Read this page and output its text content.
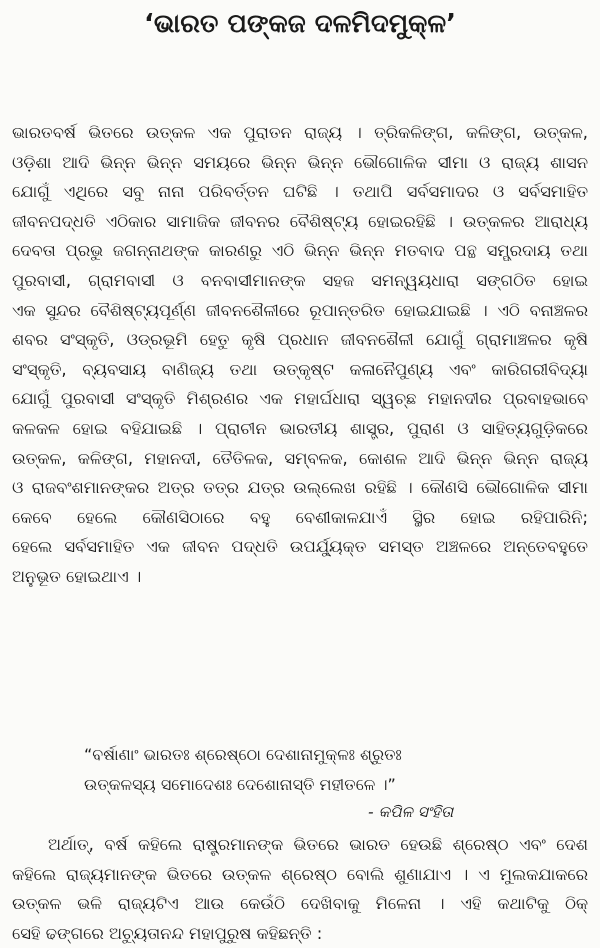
‘ଭାରତ ପଙ୍କଜ ଦଳମିଦମୁକ୍ଳ’
ଭାରତବର୍ଷ ଭିତରେ ଉତ୍କଳ ଏକ ପୁରାତନ ରାଜ୍ୟ । ତ୍ରିକଳିଙ୍ଗ, କଳିଙ୍ଗ, ଉତ୍କଳ,
ଓଡ଼ିଶା ଆଦି ଭିନ୍ନ ଭିନ୍ନ ସମୟରେ ଭିନ୍ନ ଭିନ୍ନ ଭୌଗୋଳିକ ସୀମା ଓ ରାଜ୍ୟ ଶାସନ
ଯୋଗୁଁ ଏଥିରେ ସବୁ ନାନା ପରିବର୍ତ୍ତନ ଘଟିଛି । ତଥାପି ସର୍ବସମାଦର ଓ ସର୍ବସମାହିତ
ଜୀବନପଦ୍ଧତି ଏଠିକାର ସାମାଜିକ ଜୀବନର ବୈଶିଷ୍ଟ୍ୟ ହୋଇରହିଛି । ଉତ୍କଳର ଆରାଧ୍ୟ
ଦେବତା ପ୍ରଭୁ ଜଗନ୍ନାଥଙ୍କ କାରଣରୁ ଏଠି ଭିନ୍ନ ଭିନ୍ନ ମତବାଦ ପନ୍ଥ ସମ୍ପ୍ରଦାୟ ତଥା
ପୁରବାସୀ, ଗ୍ରାମବାସୀ ଓ ବନବାସୀମାନଙ୍କ ସହଜ ସମନ୍ୱୟଧାରା ସଙ୍ଗଠିତ ହୋଇ
ଏକ ସୁନ୍ଦର ବୈଶିଷ୍ଟ୍ୟପୂର୍ଣ୍ଣ ଜୀବନଶୈଳୀରେ ରୂପାନ୍ତରିତ ହୋଇଯାଇଛି । ଏଠି ବନାଞ୍ଚଳର
ଶବର ସଂସ୍କୃତି, ଓଡ୍ରଭୂମି ହେତୁ କୃଷି ପ୍ରଧାନ ଜୀବନଶୈଳୀ ଯୋଗୁଁ ଗ୍ରାମାଞ୍ଚଳର କୃଷି
ସଂସ୍କୃତି, ବ୍ୟବସାୟ ବାଣିଜ୍ୟ ତଥା ଉତ୍କୃଷ୍ଟ କଳାନୈପୁଣ୍ୟ ଏବଂ କାରିଗରୀବିଦ୍ୟା
ଯୋଗୁଁ ପୁରବାସୀ ସଂସ୍କୃତି ମିଶ୍ରଣର ଏକ ମହାର୍ଘଧାରା ସ୍ୱଚ୍ଛ ମହାନଦୀର ପ୍ରବାହଭାବେ
କଳକଳ ହୋଇ ବହିଯାଇଛି । ପ୍ରାଚୀନ ଭାରତୀୟ ଶାସ୍ତ୍ର, ପୁରାଣ ଓ ସାହିତ୍ୟଗୁଡ଼ିକରେ
ଉତ୍କଳ, କଳିଙ୍ଗ, ମହାନଦୀ, ତୈତିଳକ, ସମ୍ବଳକ, କୋଶଳ ଆଦି ଭିନ୍ନ ଭିନ୍ନ ରାଜ୍ୟ
ଓ ରାଜବଂଶମାନଙ୍କର ଅତ୍ର ତତ୍ର ଯତ୍ର ଉଲ୍ଲେଖ ରହିଛି । କୌଣସି ଭୌଗୋଳିକ ସୀମା
କେବେ ହେଲେ କୌଣସିଠାରେ ବହୁ ବେଶୀକାଳଯାଏଁ ସ୍ଥିର ହୋଇ ରହିପାରିନି;
ହେଲେ ସର୍ବସମାହିତ ଏକ ଜୀବନ ପଦ୍ଧତି ଉପର୍ଯ୍ୟୁକ୍ତ ସମସ୍ତ ଅଞ୍ଚଳରେ ଅନ୍ତେବହୁତେ
ଅନୁଭୂତ ହୋଇଥାଏ ।
“ବର୍ଷାଣାଂ ଭାରତଃ ଶ୍ରେଷ୍ଠୋ ଦେଶାନାମୁକ୍ଳଃ ଶ୍ରୁତଃ
ଉତ୍କଳସ୍ୟ ସମୋଦେଶଃ ଦେଶୋନାସ୍ତି ମହୀତଳେ ।”
- କପିଳ ସଂହିତା
ଅର୍ଥାତ୍, ବର୍ଷ କହିଲେ ରାଷ୍ଟ୍ରମାନଙ୍କ ଭିତରେ ଭାରତ ହେଉଛି ଶ୍ରେଷ୍ଠ ଏବଂ ଦେଶ
କହିଲେ ରାଜ୍ୟମାନଙ୍କ ଭିତରେ ଉତ୍କଳ ଶ୍ରେଷ୍ଠ ବୋଲି ଶୁଣାଯାଏ । ଏ ମୁଲକଯାକରେ
ଉତ୍କଳ ଭଳି ରାଜ୍ୟଟିଏ ଆଉ କେଉଁଠି ଦେଖିବାକୁ ମିଳେନା । ଏହି କଥାଟିକୁ ଠିକ୍
ସେହି ଢଙ୍ଗରେ ଅଚ୍ୟୁତାନନ୍ଦ ମହାପୁରୁଷ କହିଛନ୍ତି :
